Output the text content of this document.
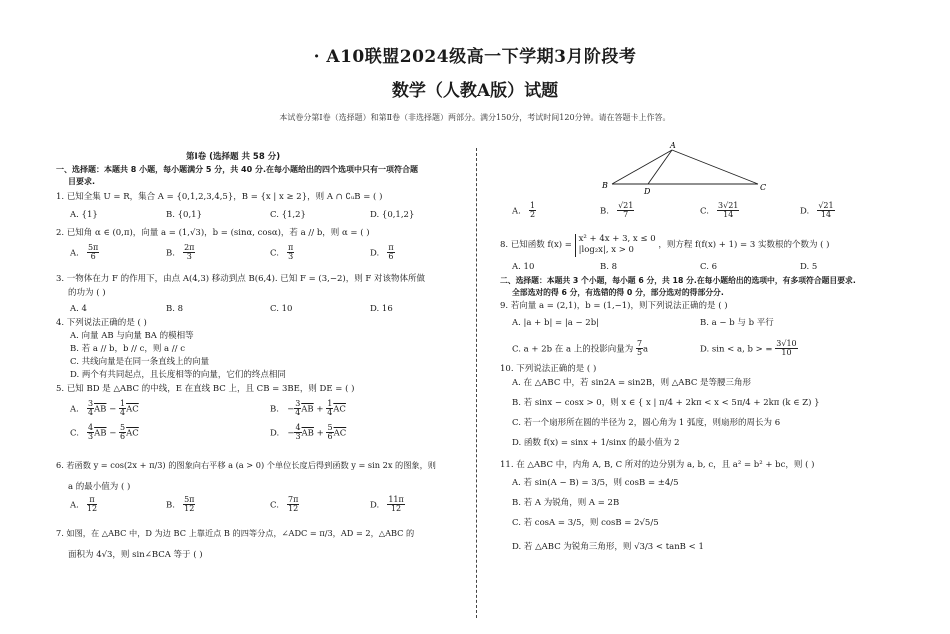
· A10联盟2024级高一下学期3月阶段考
数学（人教A版）试题
本试卷分第Ⅰ卷（选择题）和第Ⅱ卷（非选择题）两部分。满分150分，考试时间120分钟。请在答题卡上作答。
第Ⅰ卷 (选择题 共 58 分)
一、选择题：本题共 8 小题，每小题满分 5 分，共 40 分.在每小题给出的四个选项中只有一项符合题
目要求.
1. 已知全集 U = R，集合 A = {0,1,2,3,4,5}，B = {x | x ≥ 2}，则 A ∩ ∁ᵤB = ( )
A. {1}	B. {0,1}	C. {1,2}	D. {0,1,2}
2. 已知角 α ∈ (0,π)，向量 a = (1,√3)，b = (sinα, cosα)，若 a // b，则 α = ( )
A. $\frac{5\pi}{6}$	B. $\frac{2\pi}{3}$	C. $\frac{\pi}{3}$	D. $\frac{\pi}{6}$
3. 一物体在力 F 的作用下，由点 A(4,3) 移动到点 B(6,4). 已知 F = (3,−2)，则 F 对该物体所做
的功为 ( )
A. 4	B. 8	C. 10	D. 16
4. 下列说法正确的是 ( )
A. 向量 AB 与向量 BA 的模相等
B. 若 a // b，b // c，则 a // c
C. 共线向量是在同一条直线上的向量
D. 两个有共同起点，且长度相等的向量，它们的终点相同
5. 已知 BD 是 △ABC 的中线，E 在直线 BC 上，且 CB = 3BE，则 DE = ( )
A. $\frac{3}{4} \overline{AB} - \frac{1}{4} \overline{AC}$	B. − $\frac{3}{4} \overline{AB} + \frac{1}{4} \overline{AC}$
C. $\frac{4}{3} \overline{AB} - \frac{5}{6} \overline{AC}$	D. − $\frac{4}{3} \overline{AB} + \frac{5}{6} \overline{AC}$
6. 若函数 y = cos(2x + π/3) 的图象向右平移 a (a > 0) 个单位长度后得到函数 y = sin 2x 的图象，则
a 的最小值为 ( )
A. $\frac{\pi}{12}$	B. $\frac{5\pi}{12}$	C. $\frac{7\pi}{12}$	D. $\frac{11\pi}{12}$
7. 如图，在 △ABC 中，D 为边 BC 上靠近点 B 的四等分点，∠ADC = π/3，AD = 2，△ABC 的
面积为 4√3，则 sin∠BCA 等于 ( )
A
B
D	C
A. $\frac{1}{2}$	B. $\frac{√21}{7}$	C. $\frac{3√21}{14}$	D. $\frac{√21}{14}$
8. 已知函数 f(x) =
x² + 4x + 3, x ≤ 0
|log₂x|, x > 0
，则方程 f(f(x) + 1) = 3 实数根的个数为 ( )
A. 10	B. 8	C. 6	D. 5
二、选择题：本题共 3 个小题，每小题 6 分，共 18 分.在每小题给出的选项中，有多项符合题目要求.
全部选对的得 6 分，有选错的得 0 分，部分选对的得部分分.
9. 若向量 a = (2,1)，b = (1,−1)，则下列说法正确的是 ( )
A. |a + b| = |a − 2b|	B. a − b 与 b 平行
C. a + 2b 在 a 上的投影向量为 $\frac{7}{5}$ a	D. sin < a, b > = $\frac{3√10}{10}$
10. 下列说法正确的是 ( )
A. 在 △ABC 中，若 sin2A = sin2B，则 △ABC 是等腰三角形
B. 若 sinx − cosx > 0，则 x ∈ { x | π/4 + 2kπ < x < 5π/4 + 2kπ (k ∈ Z) }
C. 若一个扇形所在圆的半径为 2，圆心角为 1 弧度，则扇形的周长为 6
D. 函数 f(x) = sinx + 1/sinx 的最小值为 2
11. 在 △ABC 中，内角 A, B, C 所对的边分别为 a, b, c，且 a² = b² + bc，则 ( )
A. 若 sin(A − B) = 3/5，则 cosB = ±4/5
B. 若 A 为锐角，则 A = 2B
C. 若 cosA = 3/5，则 cosB = 2√5/5
D. 若 △ABC 为锐角三角形，则 √3/3 < tanB < 1
